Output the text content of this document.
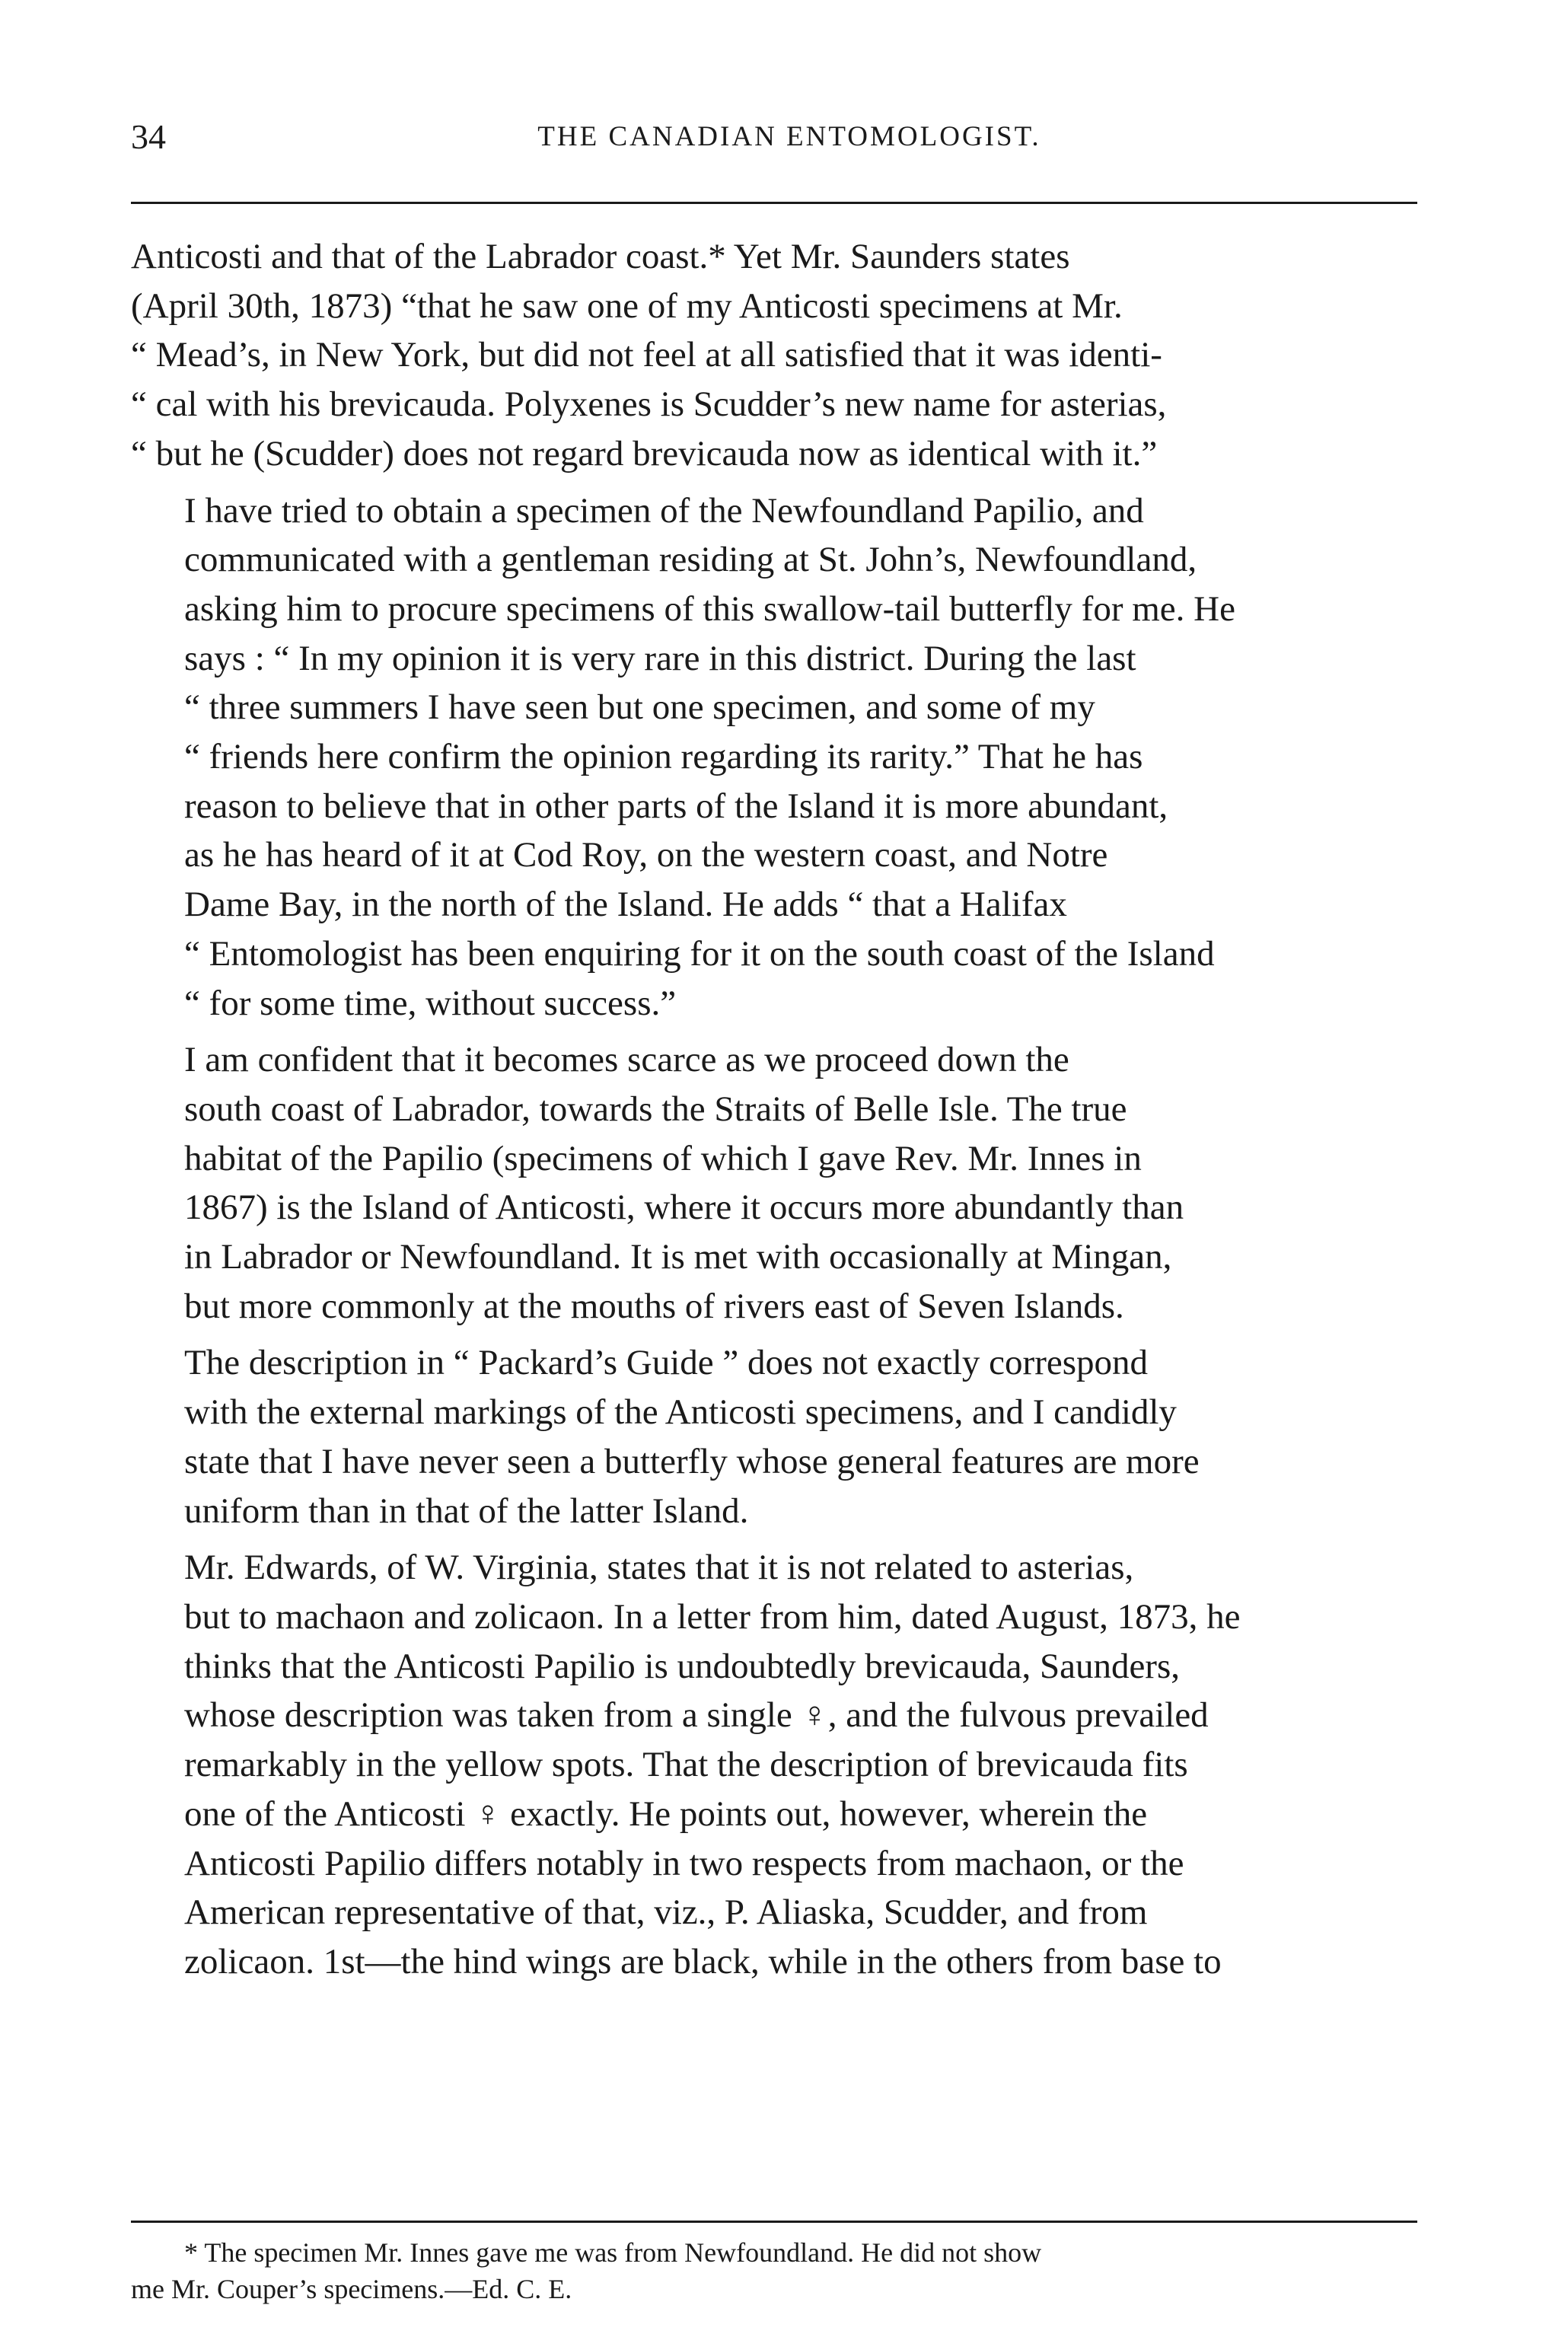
34	THE CANADIAN ENTOMOLOGIST.

Anticosti and that of the Labrador coast.* Yet Mr. Saunders states
(April 30th, 1873) “that he saw one of my Anticosti specimens at Mr.
“ Mead’s, in New York, but did not feel at all satisfied that it was identi-
“ cal with his brevicauda. Polyxenes is Scudder’s new name for asterias,
“ but he (Scudder) does not regard brevicauda now as identical with it.”

I have tried to obtain a specimen of the Newfoundland Papilio, and
communicated with a gentleman residing at St. John’s, Newfoundland,
asking him to procure specimens of this swallow-tail butterfly for me. He
says : “ In my opinion it is very rare in this district. During the last
“ three summers I have seen but one specimen, and some of my
“ friends here confirm the opinion regarding its rarity.” That he has
reason to believe that in other parts of the Island it is more abundant,
as he has heard of it at Cod Roy, on the western coast, and Notre
Dame Bay, in the north of the Island. He adds “ that a Halifax
“ Entomologist has been enquiring for it on the south coast of the Island
“ for some time, without success.”

I am confident that it becomes scarce as we proceed down the
south coast of Labrador, towards the Straits of Belle Isle. The true
habitat of the Papilio (specimens of which I gave Rev. Mr. Innes in
1867) is the Island of Anticosti, where it occurs more abundantly than
in Labrador or Newfoundland. It is met with occasionally at Mingan,
but more commonly at the mouths of rivers east of Seven Islands.

The description in “ Packard’s Guide ” does not exactly correspond
with the external markings of the Anticosti specimens, and I candidly
state that I have never seen a butterfly whose general features are more
uniform than in that of the latter Island.

Mr. Edwards, of W. Virginia, states that it is not related to asterias,
but to machaon and zolicaon. In a letter from him, dated August, 1873, he
thinks that the Anticosti Papilio is undoubtedly brevicauda, Saunders,
whose description was taken from a single ♀, and the fulvous prevailed
remarkably in the yellow spots. That the description of brevicauda fits
one of the Anticosti ♀ exactly. He points out, however, wherein the
Anticosti Papilio differs notably in two respects from machaon, or the
American representative of that, viz., P. Aliaska, Scudder, and from
zolicaon. 1st—the hind wings are black, while in the others from base to

* The specimen Mr. Innes gave me was from Newfoundland. He did not show
me Mr. Couper’s specimens.—Ed. C. E.
